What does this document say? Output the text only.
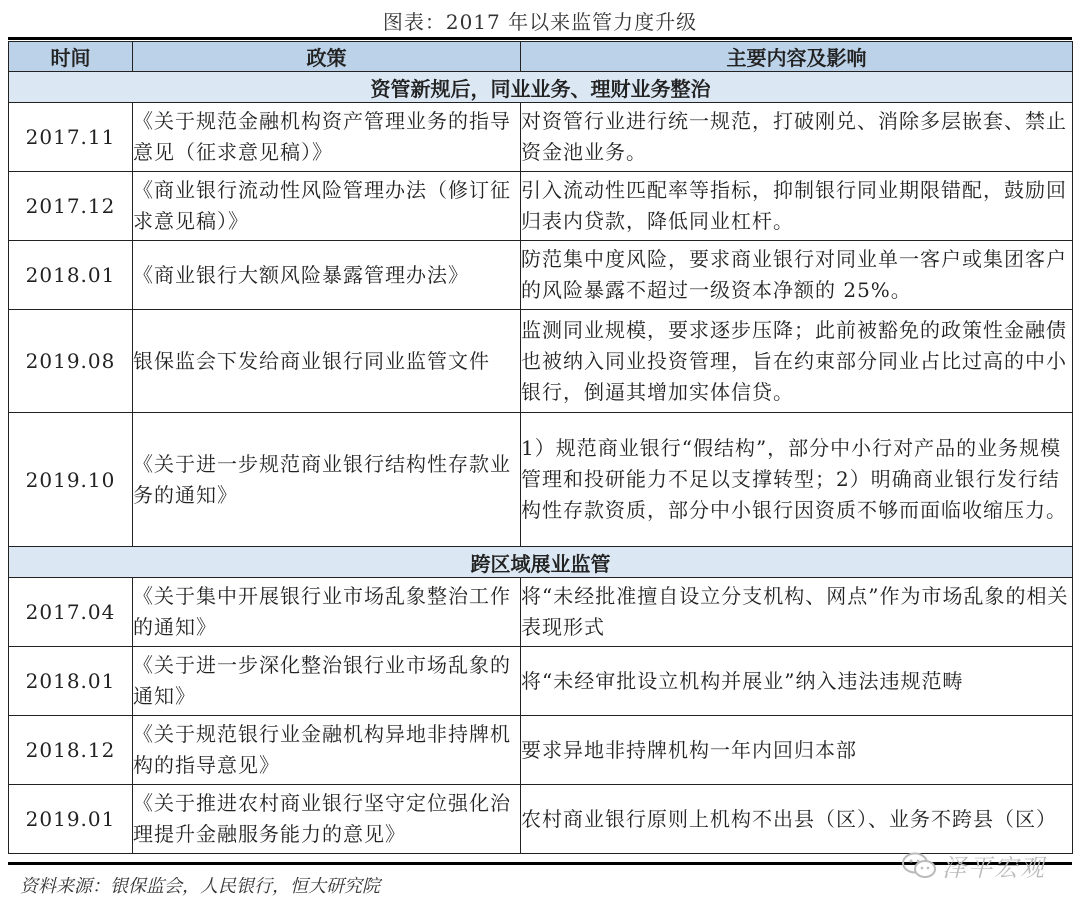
图表：2017 年以来监管力度升级
时间	政策	主要内容及影响
资管新规后，同业业务、理财业务整治		
2017.11	《关于规范金融机构资产管理业务的指导意见（征求意见稿）》	对资管行业进行统一规范，打破刚兑、消除多层嵌套、禁止资金池业务。
2017.12	《商业银行流动性风险管理办法（修订征求意见稿）》	引入流动性匹配率等指标，抑制银行同业期限错配，鼓励回归表内贷款，降低同业杠杆。
2018.01	《商业银行大额风险暴露管理办法》	防范集中度风险，要求商业银行对同业单一客户或集团客户的风险暴露不超过一级资本净额的 25%。
2019.08	银保监会下发给商业银行同业监管文件	监测同业规模，要求逐步压降；此前被豁免的政策性金融债也被纳入同业投资管理，旨在约束部分同业占比过高的中小银行，倒逼其增加实体信贷。
2019.10	《关于进一步规范商业银行结构性存款业务的通知》	1）规范商业银行“假结构”，部分中小行对产品的业务规模管理和投研能力不足以支撑转型；2）明确商业银行发行结构性存款资质，部分中小银行因资质不够而面临收缩压力。
跨区域展业监管		
2017.04	《关于集中开展银行业市场乱象整治工作的通知》	将“未经批准擅自设立分支机构、网点”作为市场乱象的相关表现形式
2018.01	《关于进一步深化整治银行业市场乱象的通知》	将“未经审批设立机构并展业”纳入违法违规范畴
2018.12	《关于规范银行业金融机构异地非持牌机构的指导意见》	要求异地非持牌机构一年内回归本部
2019.01	《关于推进农村商业银行坚守定位强化治理提升金融服务能力的意见》	农村商业银行原则上机构不出县（区）、业务不跨县（区）
资料来源：银保监会，人民银行，恒大研究院
泽平宏观
